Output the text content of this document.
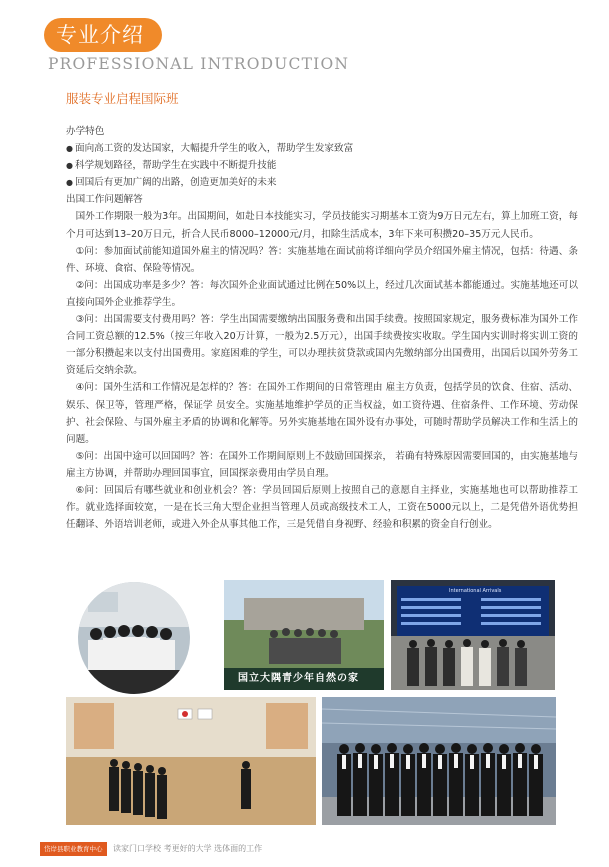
专业介绍
PROFESSIONAL INTRODUCTION
服装专业启程国际班

办学特色

● 面向高工资的发达国家，大幅提升学生的收入，帮助学生发家致富

● 科学规划路径，帮助学生在实践中不断提升技能

● 回国后有更加广阔的出路，创造更加美好的未来

出国工作问题解答

国外工作期限一般为3年。出国期间，如赴日本技能实习，学员技能实习期基本工资为9万日元左右，算上加班工资，每个月可达到13–20万日元，折合人民币8000–12000元/月，扣除生活成本，3年下来可积攒20–35万元人民币。

①问：参加面试前能知道国外雇主的情况吗？答：实施基地在面试前将详细向学员介绍国外雇主情况，包括：待遇、条件、环境、食宿、保险等情况。

②问：出国成功率是多少？答：每次国外企业面试通过比例在50%以上，经过几次面试基本都能通过。实施基地还可以直接向国外企业推荐学生。

③问：出国需要支付费用吗？答：学生出国需要缴纳出国服务费和出国手续费。按照国家规定，服务费标准为国外工作合同工资总额的12.5%（按三年收入20万计算，一般为2.5万元），出国手续费按实收取。学生国内实训时将实训工资的一部分积攒起来以支付出国费用。家庭困难的学生，可以办理扶贫贷款或国内先缴纳部分出国费用，出国后以国外劳务工资延后交纳余款。

④问：国外生活和工作情况是怎样的？答：在国外工作期间的日常管理由 雇主方负责，包括学员的饮食、住宿、活动、娱乐、保卫等，管理严格，保证学 员安全。实施基地维护学员的正当权益，如工资待遇、住宿条件、工作环境、劳动保护、社会保险、与国外雇主矛盾的协调和化解等。另外实施基地在国外设有办事处，可随时帮助学员解决工作和生活上的问题。

⑤问：出国中途可以回国吗？答：在国外工作期间原则上不鼓励回国探亲， 若确有特殊原因需要回国的，由实施基地与雇主方协调，并帮助办理回国事宜，回国探亲费用由学员自理。

⑥问：回国后有哪些就业和创业机会？答：学员回国后原则上按照自己的意愿自主择业，实施基地也可以帮助推荐工作。就业选择面较宽，一是在长三角大型企业担当管理人员或高级技术工人，工资在5000元以上，二是凭借外语优势担任翻译、外语培训老师，或进入外企从事其他工作，三是凭借自身视野、经验和积累的资金自行创业。

国立大隅青少年自然の家
International Arrivals
岱岸县职业教育中心 读家门口学校 考更好的大学 选体面的工作
